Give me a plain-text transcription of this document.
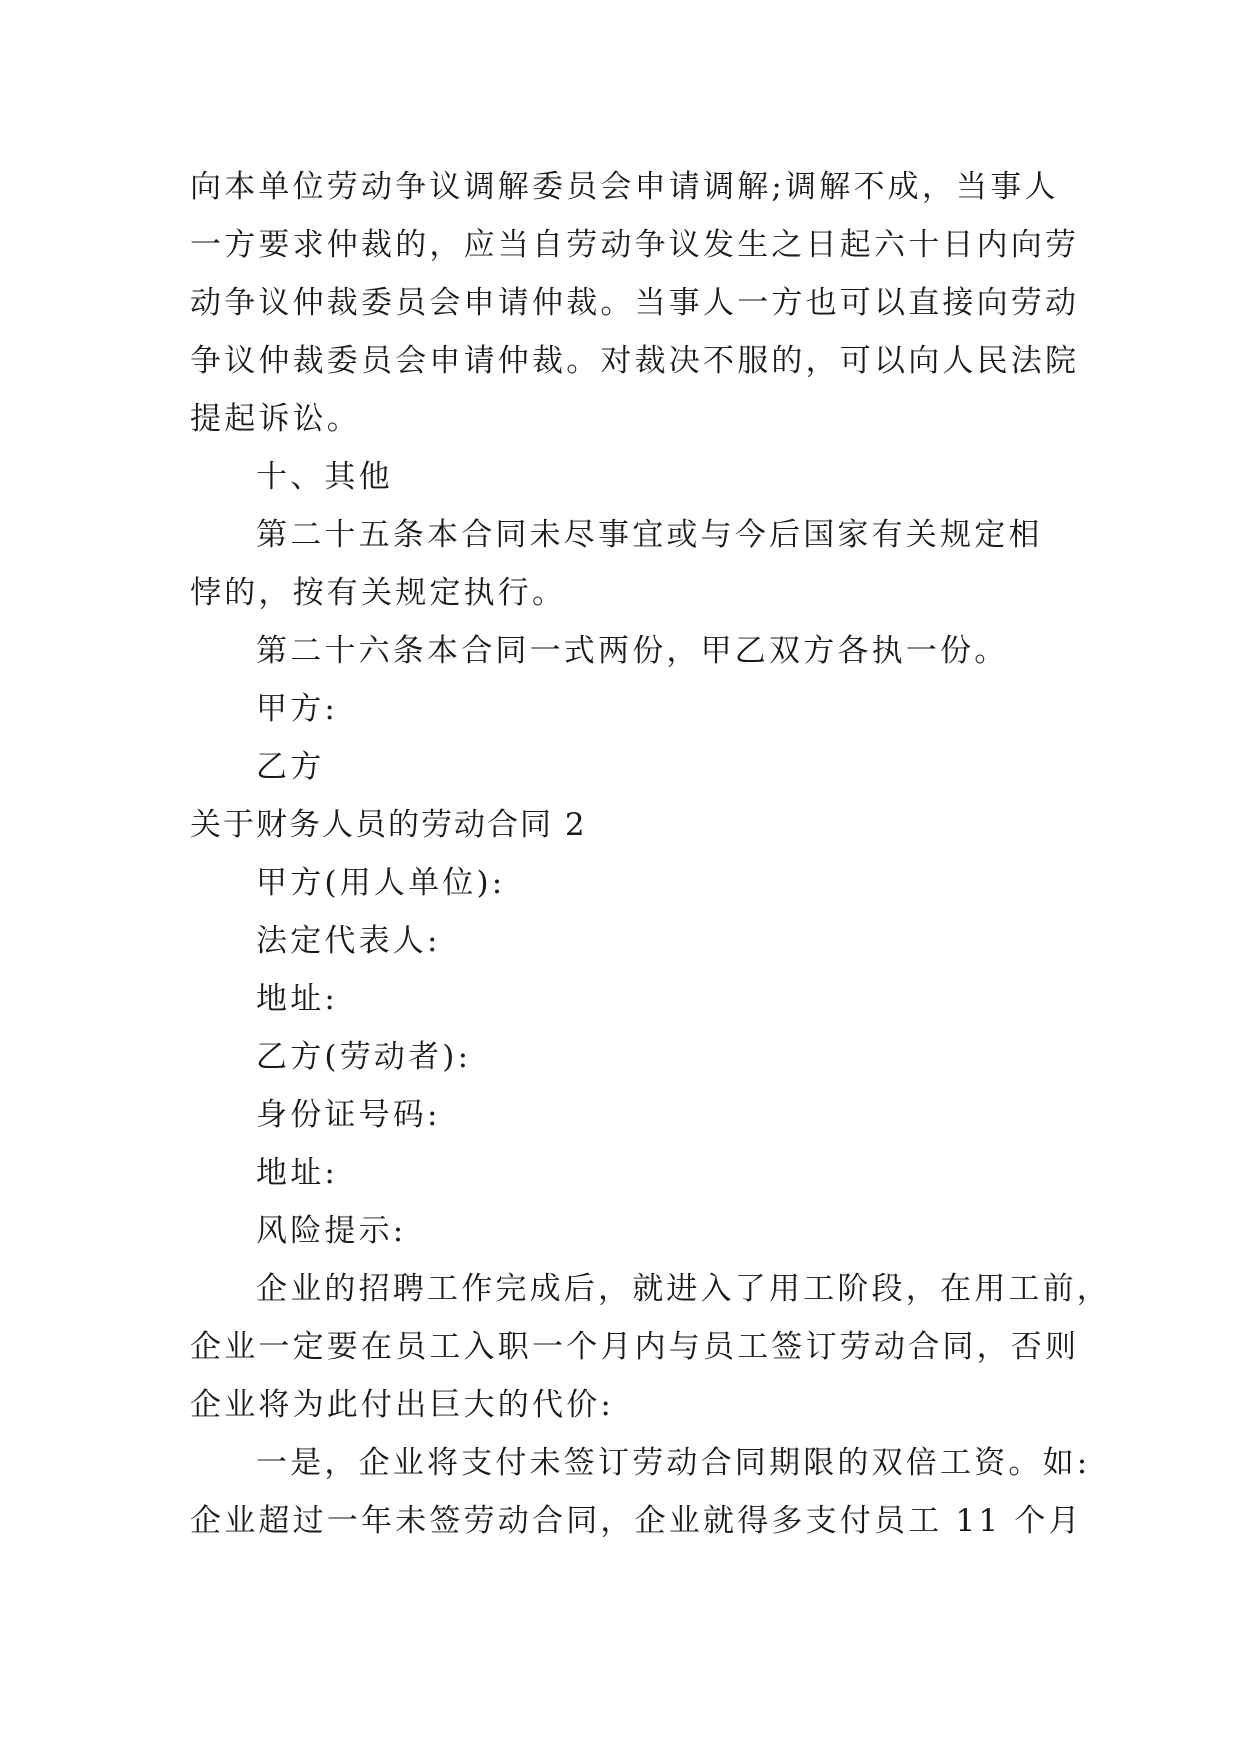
向本单位劳动争议调解委员会申请调解;调解不成，当事人
一方要求仲裁的，应当自劳动争议发生之日起六十日内向劳
动争议仲裁委员会申请仲裁。当事人一方也可以直接向劳动
争议仲裁委员会申请仲裁。对裁决不服的，可以向人民法院
提起诉讼。
十、其他
第二十五条本合同未尽事宜或与今后国家有关规定相
悖的，按有关规定执行。
第二十六条本合同一式两份，甲乙双方各执一份。
甲方:
乙方
关于财务人员的劳动合同 2
甲方(用人单位):
法定代表人:
地址:
乙方(劳动者):
身份证号码:
地址:
风险提示:
企业的招聘工作完成后，就进入了用工阶段，在用工前，
企业一定要在员工入职一个月内与员工签订劳动合同，否则
企业将为此付出巨大的代价:
一是，企业将支付未签订劳动合同期限的双倍工资。如:
企业超过一年未签劳动合同，企业就得多支付员工 11 个月
